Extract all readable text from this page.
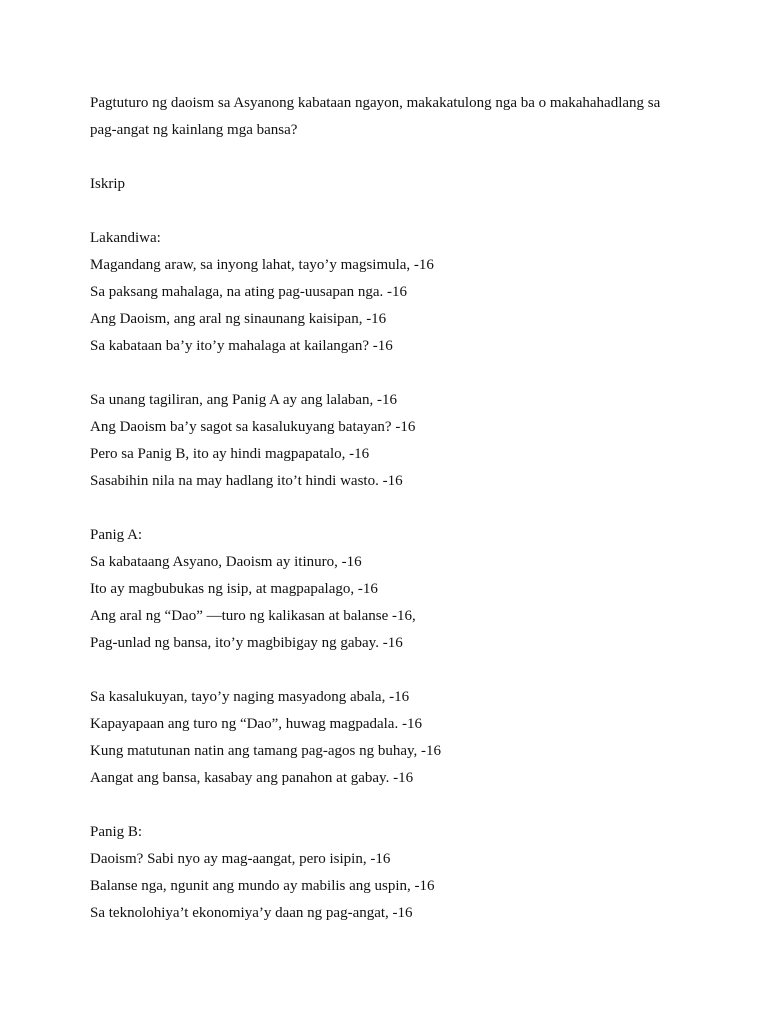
Pagtuturo ng daoism sa Asyanong kabataan ngayon, makakatulong nga ba o makahahadlang sa
pag-angat ng kainlang mga bansa?
Iskrip
Lakandiwa:
Magandang araw, sa inyong lahat, tayo’y magsimula, -16
Sa paksang mahalaga, na ating pag-uusapan nga. -16
Ang Daoism, ang aral ng sinaunang kaisipan, -16
Sa kabataan ba’y ito’y mahalaga at kailangan? -16
Sa unang tagiliran, ang Panig A ay ang lalaban, -16
Ang Daoism ba’y sagot sa kasalukuyang batayan? -16
Pero sa Panig B, ito ay hindi magpapatalo, -16
Sasabihin nila na may hadlang ito’t hindi wasto. -16
Panig A:
Sa kabataang Asyano, Daoism ay itinuro, -16
Ito ay magbubukas ng isip, at magpapalago, -16
Ang aral ng “Dao” —turo ng kalikasan at balanse -16,
Pag-unlad ng bansa, ito’y magbibigay ng gabay. -16
Sa kasalukuyan, tayo’y naging masyadong abala, -16
Kapayapaan ang turo ng “Dao”, huwag magpadala. -16
Kung matutunan natin ang tamang pag-agos ng buhay, -16
Aangat ang bansa, kasabay ang panahon at gabay. -16
Panig B:
Daoism? Sabi nyo ay mag-aangat, pero isipin, -16
Balanse nga, ngunit ang mundo ay mabilis ang uspin, -16
Sa teknolohiya’t ekonomiya’y daan ng pag-angat, -16
